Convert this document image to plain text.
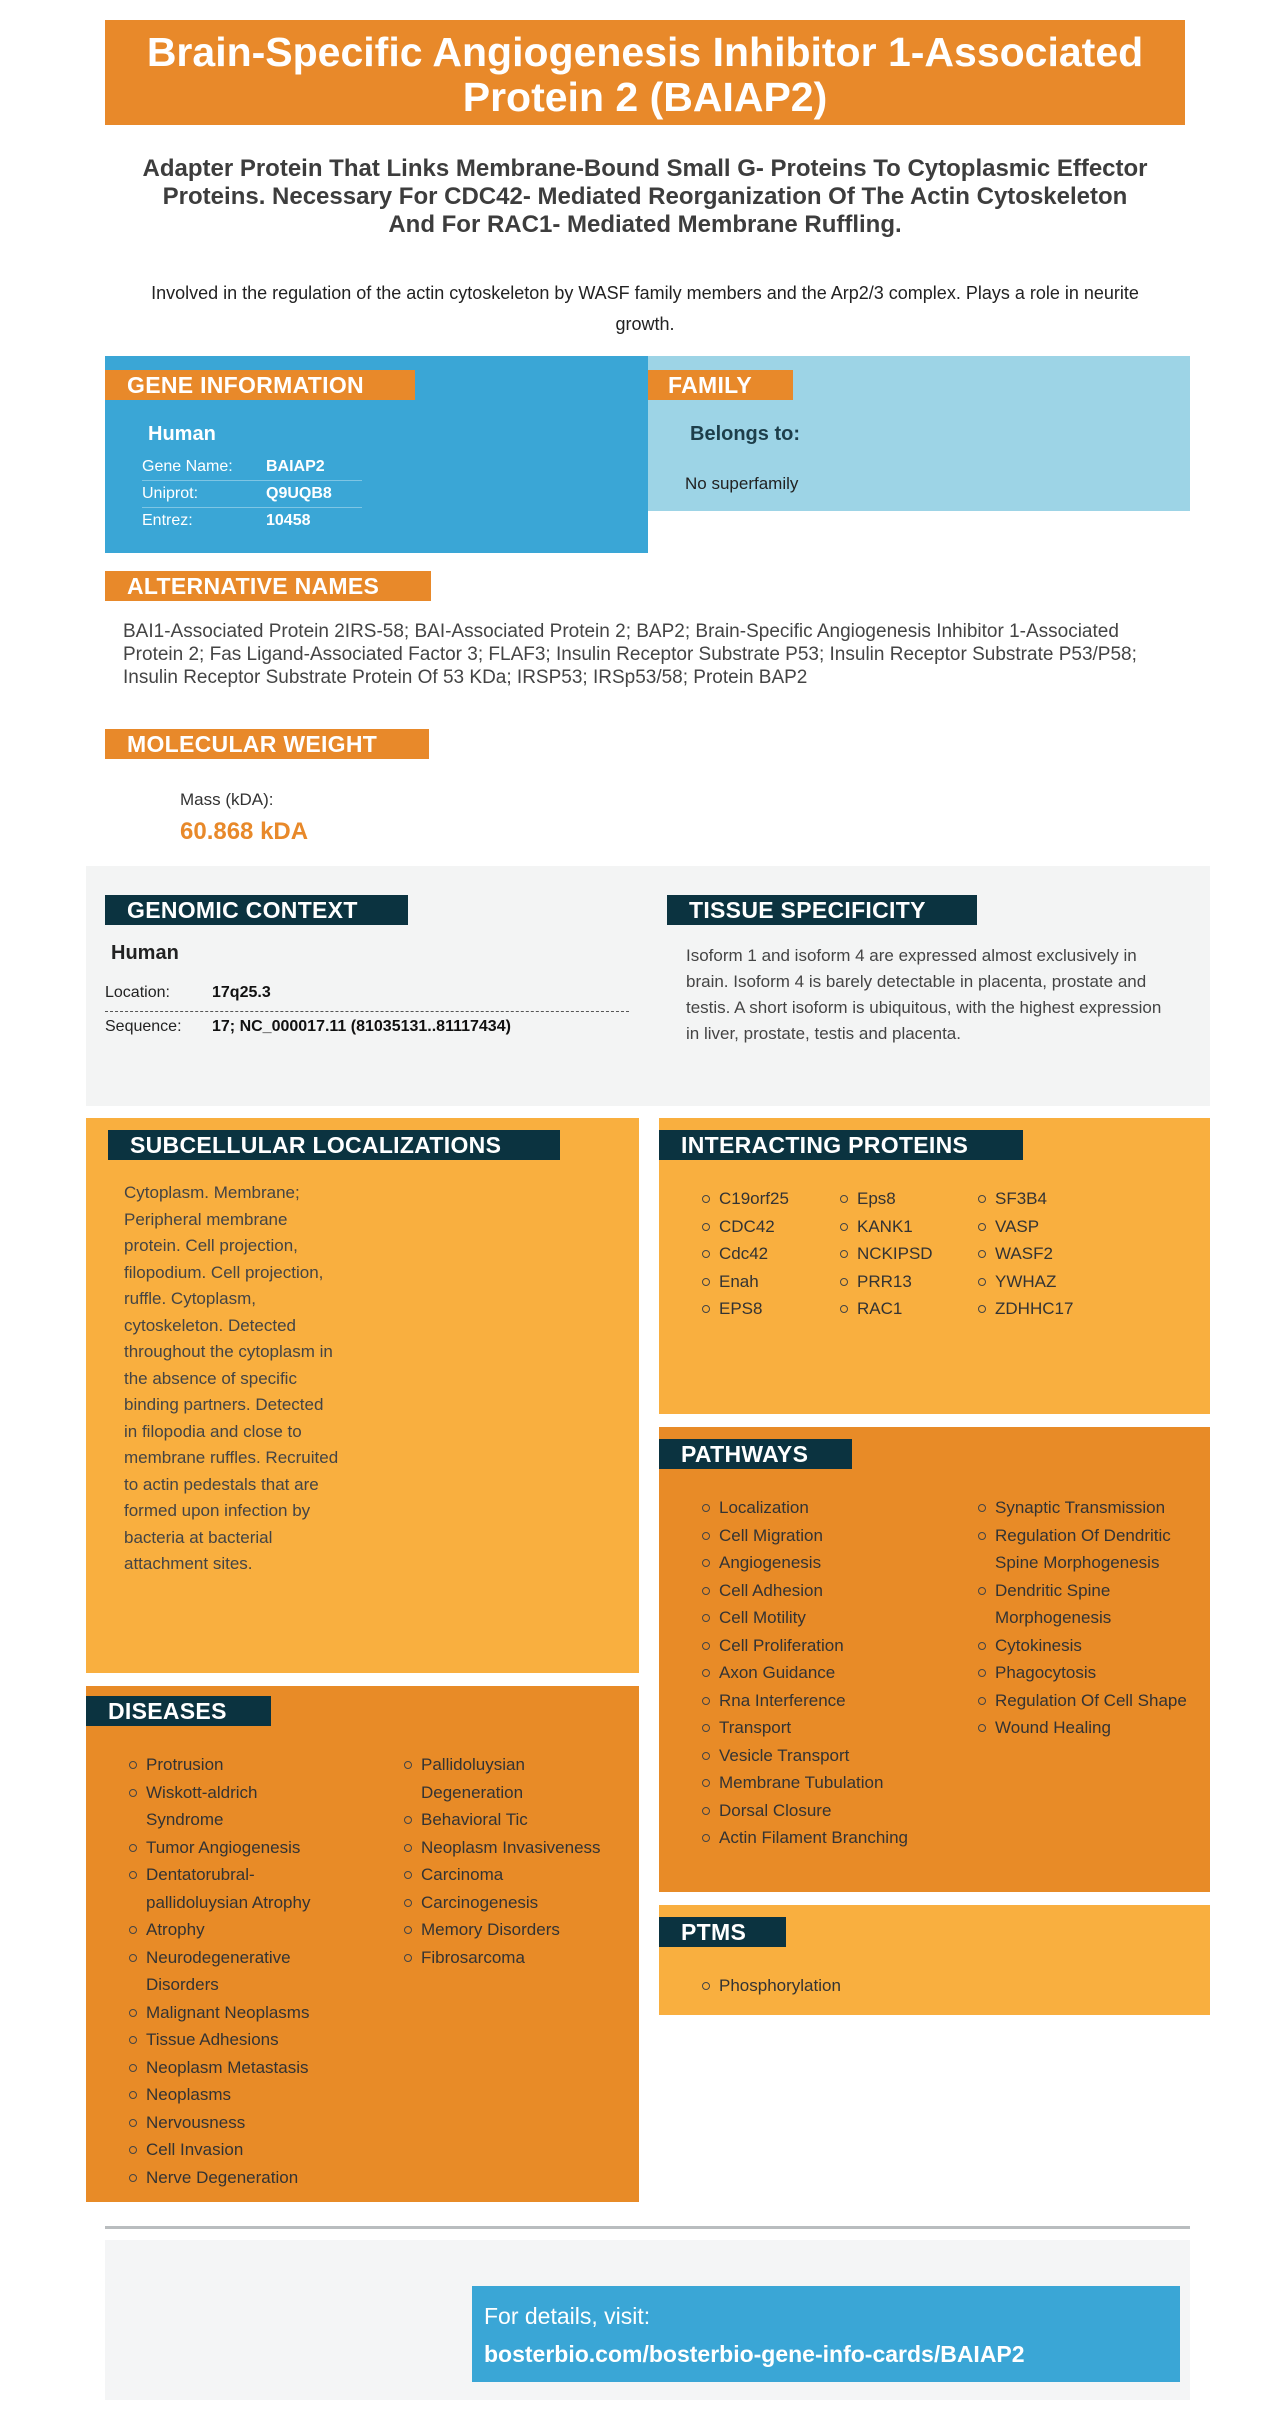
Brain-Specific Angiogenesis Inhibitor 1-Associated Protein 2 (BAIAP2)
Adapter Protein That Links Membrane-Bound Small G- Proteins To Cytoplasmic Effector Proteins. Necessary For CDC42- Mediated Reorganization Of The Actin Cytoskeleton And For RAC1- Mediated Membrane Ruffling.
Involved in the regulation of the actin cytoskeleton by WASF family members and the Arp2/3 complex. Plays a role in neurite growth.
GENE INFORMATION
Human
Gene Name: BAIAP2
Uniprot:	Q9UQB8
Entrez:	10458
FAMILY
Belongs to:
No superfamily
ALTERNATIVE NAMES
BAI1-Associated Protein 2IRS-58; BAI-Associated Protein 2; BAP2; Brain-Specific Angiogenesis Inhibitor 1-Associated Protein 2; Fas Ligand-Associated Factor 3; FLAF3; Insulin Receptor Substrate P53; Insulin Receptor Substrate P53/P58; Insulin Receptor Substrate Protein Of 53 KDa; IRSP53; IRSp53/58; Protein BAP2
MOLECULAR WEIGHT
Mass (kDA):
60.868 kDA
GENOMIC CONTEXT
Human
Location:	17q25.3
Sequence: 17; NC_000017.11 (81035131..81117434)
TISSUE SPECIFICITY
Isoform 1 and isoform 4 are expressed almost exclusively in brain. Isoform 4 is barely detectable in placenta, prostate and testis. A short isoform is ubiquitous, with the highest expression in liver, prostate, testis and placenta.
SUBCELLULAR LOCALIZATIONS
Cytoplasm. Membrane; Peripheral membrane protein. Cell projection, filopodium. Cell projection, ruffle. Cytoplasm, cytoskeleton. Detected throughout the cytoplasm in the absence of specific binding partners. Detected in filopodia and close to membrane ruffles. Recruited to actin pedestals that are formed upon infection by bacteria at bacterial attachment sites.
INTERACTING PROTEINS
C19orf25
CDC42
Cdc42
Enah
EPS8
Eps8
KANK1
NCKIPSD
PRR13
RAC1
SF3B4
VASP
WASF2
YWHAZ
ZDHHC17
PATHWAYS
Localization
Cell Migration
Angiogenesis
Cell Adhesion
Cell Motility
Cell Proliferation
Axon Guidance
Rna Interference
Transport
Vesicle Transport
Membrane Tubulation
Dorsal Closure
Actin Filament Branching
Synaptic Transmission
Regulation Of Dendritic Spine Morphogenesis
Dendritic Spine Morphogenesis
Cytokinesis
Phagocytosis
Regulation Of Cell Shape
Wound Healing
DISEASES
Protrusion
Wiskott-aldrich Syndrome
Tumor Angiogenesis
Dentatorubral-pallidoluysian Atrophy
Atrophy
Neurodegenerative Disorders
Malignant Neoplasms
Tissue Adhesions
Neoplasm Metastasis
Neoplasms
Nervousness
Cell Invasion
Nerve Degeneration
Pallidoluysian Degeneration
Behavioral Tic
Neoplasm Invasiveness
Carcinoma
Carcinogenesis
Memory Disorders
Fibrosarcoma
PTMS
Phosphorylation
For details, visit:
bosterbio.com/bosterbio-gene-info-cards/BAIAP2
